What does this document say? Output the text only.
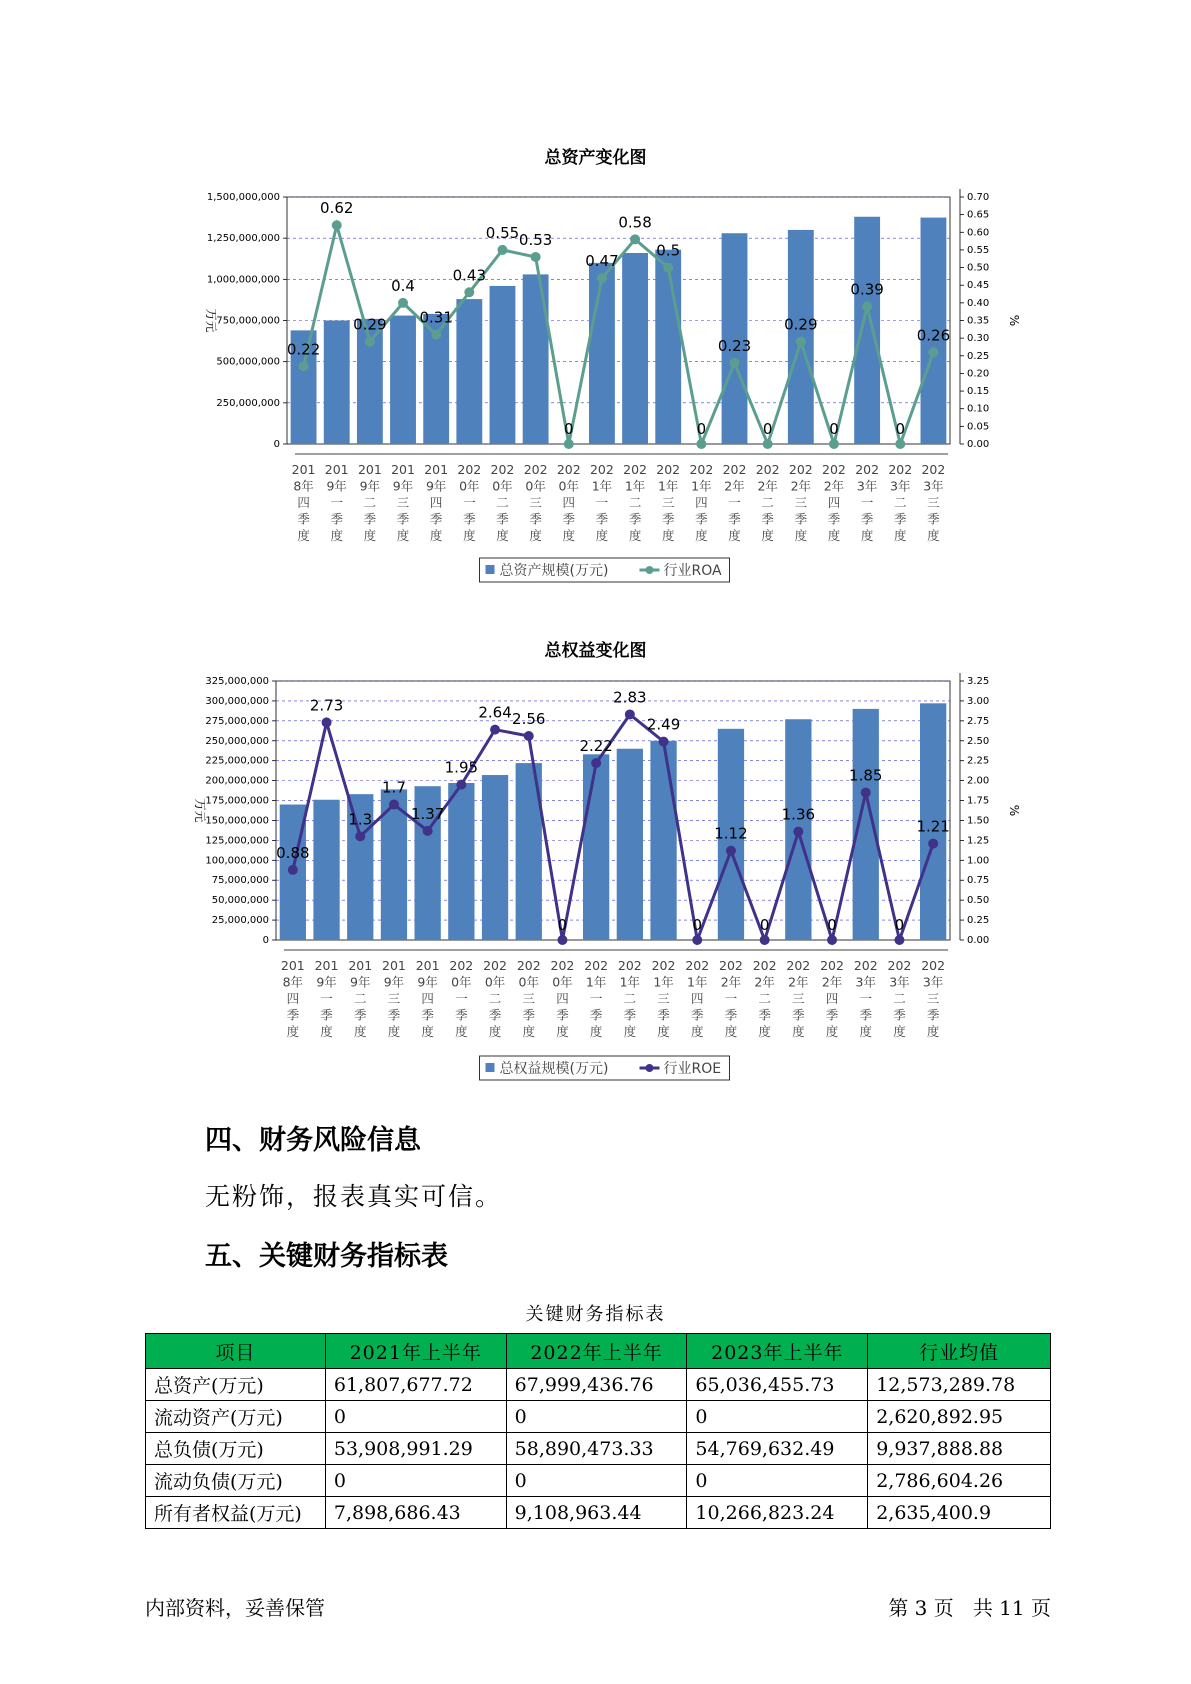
总资产变化图
0
250,000,000
500,000,000
750,000,000
1,000,000,000
1,250,000,000
1,500,000,000
0.00
0.05
0.10
0.15
0.20
0.25
0.30
0.35
0.40
0.45
0.50
0.55
0.60
0.65
0.70
万元	%
0.22
0.62
0.29
0.4
0.31
0.43
0.55 0.53
0
0.47
0.58
0.5
0
0.23
0
0.29
0
0.39
0
0.26
201 8年四季度
201 9年一季度
201 9年二季度
201 9年三季度
201 9年四季度
202 0年一季度
202 0年二季度
202 0年三季度
202 0年四季度
202 1年一季度
202 1年二季度
202 1年三季度
202 1年四季度
202 2年一季度
202 2年二季度
202 2年三季度
202 2年四季度
202 3年一季度
202 3年二季度
202 3年三季度
总资产规模(万元)	行业ROA
总权益变化图
0
25,000,000
50,000,000
75,000,000
100,000,000
125,000,000
150,000,000
175,000,000
200,000,000
225,000,000
250,000,000
275,000,000
300,000,000
325,000,000
0.00
0.25
0.50
0.75
1.00
1.25
1.50
1.75
2.00
2.25
2.50
2.75
3.00
3.25
万元	%
0.88
2.73
1.3
1.7
1.37
1.95
2.64 2.56
0
2.22
2.83
2.49
0
1.12
0
1.36
0
1.85
0
1.21
201 8年四季度
201 9年一季度
201 9年二季度
201 9年三季度
201 9年四季度
202 0年一季度
202 0年二季度
202 0年三季度
202 0年四季度
202 1年一季度
202 1年二季度
202 1年三季度
202 1年四季度
202 2年一季度
202 2年二季度
202 2年三季度
202 2年四季度
202 3年一季度
202 3年二季度
202 3年三季度
总权益规模(万元)	行业ROE
四、财务风险信息
无粉饰，报表真实可信。
五、关键财务指标表
关键财务指标表
项目	2021年上半年	2022年上半年	2023年上半年	行业均值
总资产(万元)	61,807,677.72	67,999,436.76	65,036,455.73	12,573,289.78
流动资产(万元)	0	0	0	2,620,892.95
总负债(万元)	53,908,991.29	58,890,473.33	54,769,632.49	9,937,888.88
流动负债(万元)	0	0	0	2,786,604.26
所有者权益(万元)	7,898,686.43	9,108,963.44	10,266,823.24	2,635,400.9
内部资料，妥善保管	第 3 页   共 11 页
